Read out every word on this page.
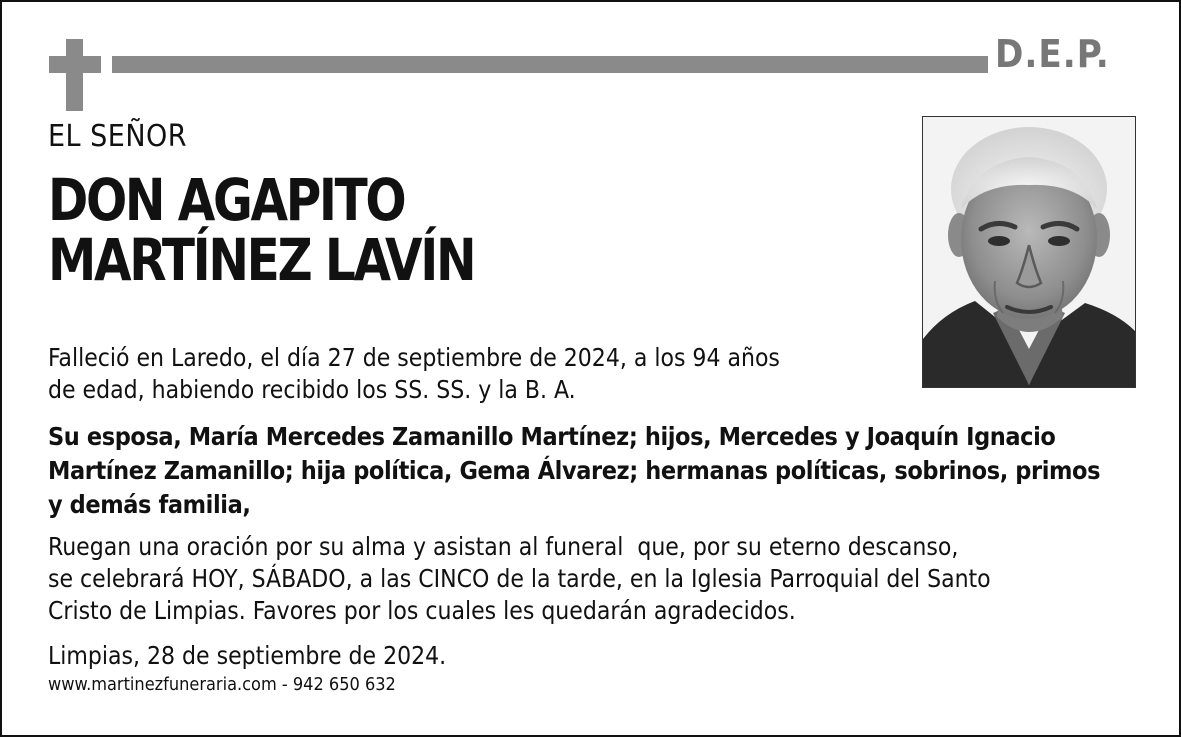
D.E.P.
EL SEÑOR
DON AGAPITO
MARTÍNEZ LAVÍN

Falleció en Laredo, el día 27 de septiembre de 2024, a los 94 años
de edad, habiendo recibido los SS. SS. y la B. A.

Su esposa, María Mercedes Zamanillo Martínez; hijos, Mercedes y Joaquín Ignacio
Martínez Zamanillo; hija política, Gema Álvarez; hermanas políticas, sobrinos, primos
y demás familia,

Ruegan una oración por su alma y asistan al funeral  que, por su eterno descanso,
se celebrará HOY, SÁBADO, a las CINCO de la tarde, en la Iglesia Parroquial del Santo
Cristo de Limpias. Favores por los cuales les quedarán agradecidos.

Limpias, 28 de septiembre de 2024.

www.martinezfuneraria.com - 942 650 632
